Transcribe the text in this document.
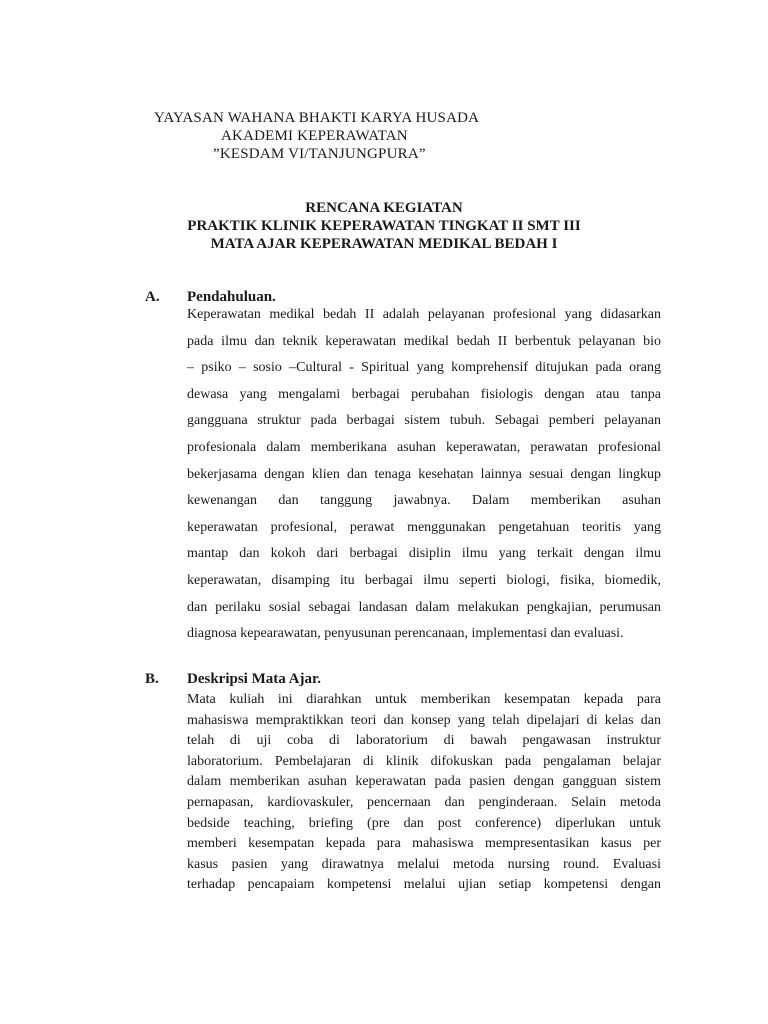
YAYASAN WAHANA BHAKTI KARYA HUSADA
AKADEMI KEPERAWATAN
”KESDAM VI/TANJUNGPURA”
RENCANA KEGIATAN
PRAKTIK KLINIK KEPERAWATAN TINGKAT II SMT III
MATA AJAR KEPERAWATAN MEDIKAL BEDAH I
A. Pendahuluan.
Keperawatan medikal bedah II adalah pelayanan profesional yang didasarkan
pada ilmu dan teknik keperawatan medikal bedah II berbentuk pelayanan bio
– psiko – sosio –Cultural - Spiritual yang komprehensif ditujukan pada orang
dewasa yang mengalami berbagai perubahan fisiologis dengan atau tanpa
gangguana struktur pada berbagai sistem tubuh. Sebagai pemberi pelayanan
profesionala dalam memberikana asuhan keperawatan, perawatan profesional
bekerjasama dengan klien dan tenaga kesehatan lainnya sesuai dengan lingkup
kewenangan dan tanggung jawabnya. Dalam memberikan asuhan
keperawatan profesional, perawat menggunakan pengetahuan teoritis yang
mantap dan kokoh dari berbagai disiplin ilmu yang terkait dengan ilmu
keperawatan, disamping itu berbagai ilmu seperti biologi, fisika, biomedik,
dan perilaku sosial sebagai landasan dalam melakukan pengkajian, perumusan
diagnosa kepearawatan, penyusunan perencanaan, implementasi dan evaluasi.
B. Deskripsi Mata Ajar.
Mata kuliah ini diarahkan untuk memberikan kesempatan kepada para
mahasiswa mempraktikkan teori dan konsep yang telah dipelajari di kelas dan
telah di uji coba di laboratorium di bawah pengawasan instruktur
laboratorium. Pembelajaran di klinik difokuskan pada pengalaman belajar
dalam memberikan asuhan keperawatan pada pasien dengan gangguan sistem
pernapasan, kardiovaskuler, pencernaan dan penginderaan. Selain metoda
bedside teaching, briefing (pre dan post conference) diperlukan untuk
memberi kesempatan kepada para mahasiswa mempresentasikan kasus per
kasus pasien yang dirawatnya melalui metoda nursing round. Evaluasi
terhadap pencapaiam kompetensi melalui ujian setiap kompetensi dengan
